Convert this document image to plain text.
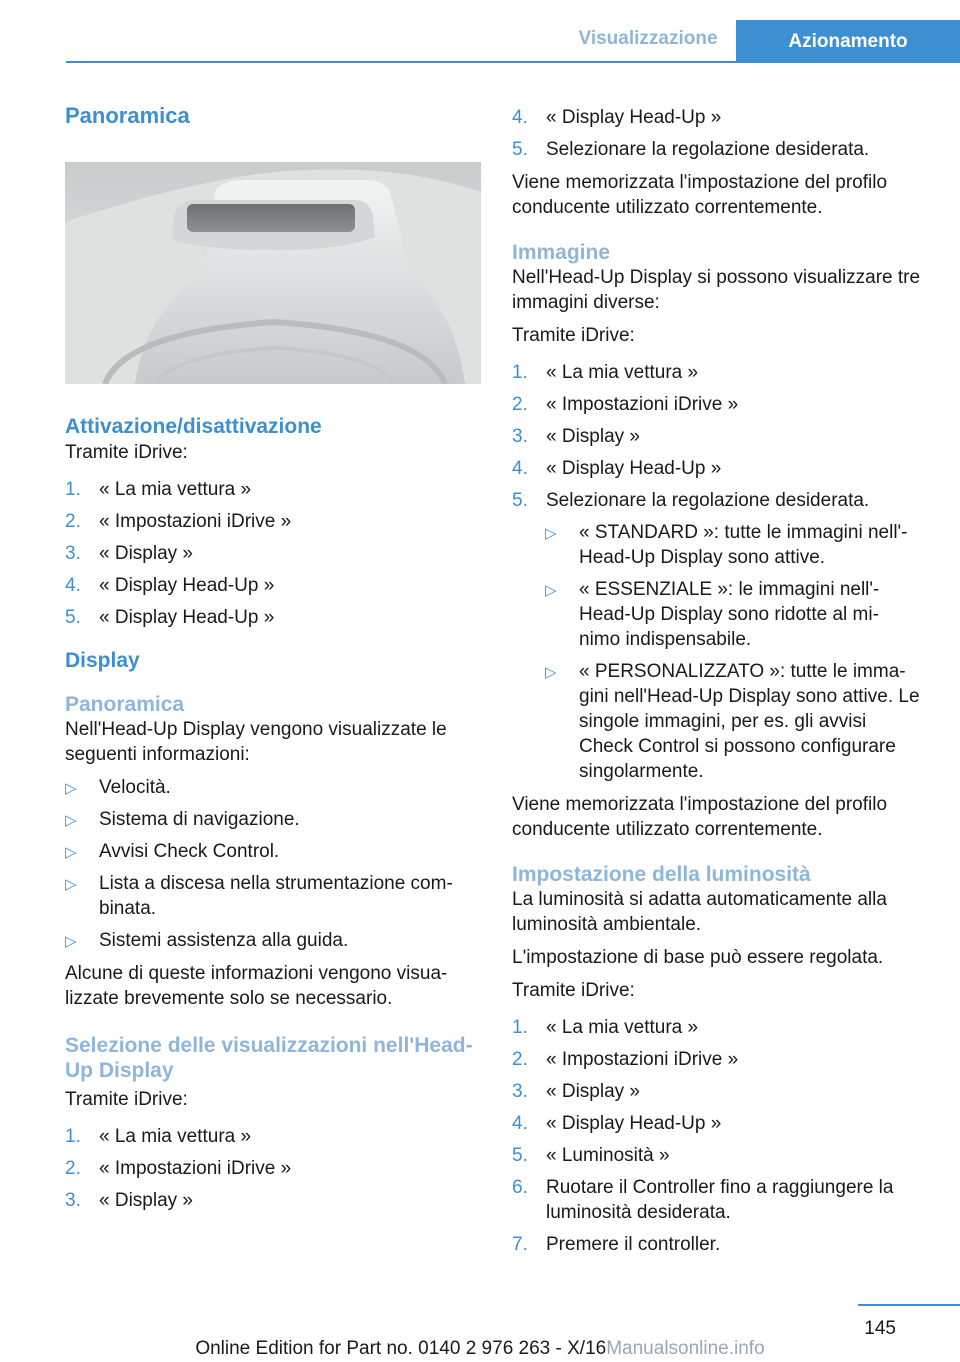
Visualizzazione	Azionamento
Panoramica
Attivazione/disattivazione

Tramite iDrive:

1. « La mia vettura »
2. « Impostazioni iDrive »
3. « Display »
4. « Display Head-Up »
5. « Display Head-Up »
Display
Panoramica

Nell'Head-Up Display vengono visualizzate le seguenti informazioni:

▷ Velocità.
▷ Sistema di navigazione.
▷ Avvisi Check Control.
▷ Lista a discesa nella strumentazione com- binata.
▷ Sistemi assistenza alla guida.

Alcune di queste informazioni vengono visua- lizzate brevemente solo se necessario.

Selezione delle visualizzazioni nell'Head-Up Display

Tramite iDrive:

1. « La mia vettura »
2. « Impostazioni iDrive »
3. « Display »
4. « Display Head-Up »
5. Selezionare la regolazione desiderata.

Viene memorizzata l'impostazione del profilo conducente utilizzato correntemente.

Immagine

Nell'Head-Up Display si possono visualizzare tre immagini diverse:

Tramite iDrive:

1. « La mia vettura »
2. « Impostazioni iDrive »
3. « Display »
4. « Display Head-Up »
5. Selezionare la regolazione desiderata.
▷ « STANDARD »: tutte le immagini nell'- Head-Up Display sono attive.
▷ « ESSENZIALE »: le immagini nell'- Head-Up Display sono ridotte al mi- nimo indispensabile.
▷ « PERSONALIZZATO »: tutte le imma- gini nell'Head-Up Display sono attive. Le singole immagini, per es. gli avvisi Check Control si possono configurare singolarmente.

Viene memorizzata l'impostazione del profilo conducente utilizzato correntemente.

Impostazione della luminosità

La luminosità si adatta automaticamente alla luminosità ambientale.

L'impostazione di base può essere regolata.

Tramite iDrive:

1. « La mia vettura »
2. « Impostazioni iDrive »
3. « Display »
4. « Display Head-Up »
5. « Luminosità »
6. Ruotare il Controller fino a raggiungere la luminosità desiderata.
7. Premere il controller.
145
Online Edition for Part no. 0140 2 976 263 - X/16Manualsonline.info
